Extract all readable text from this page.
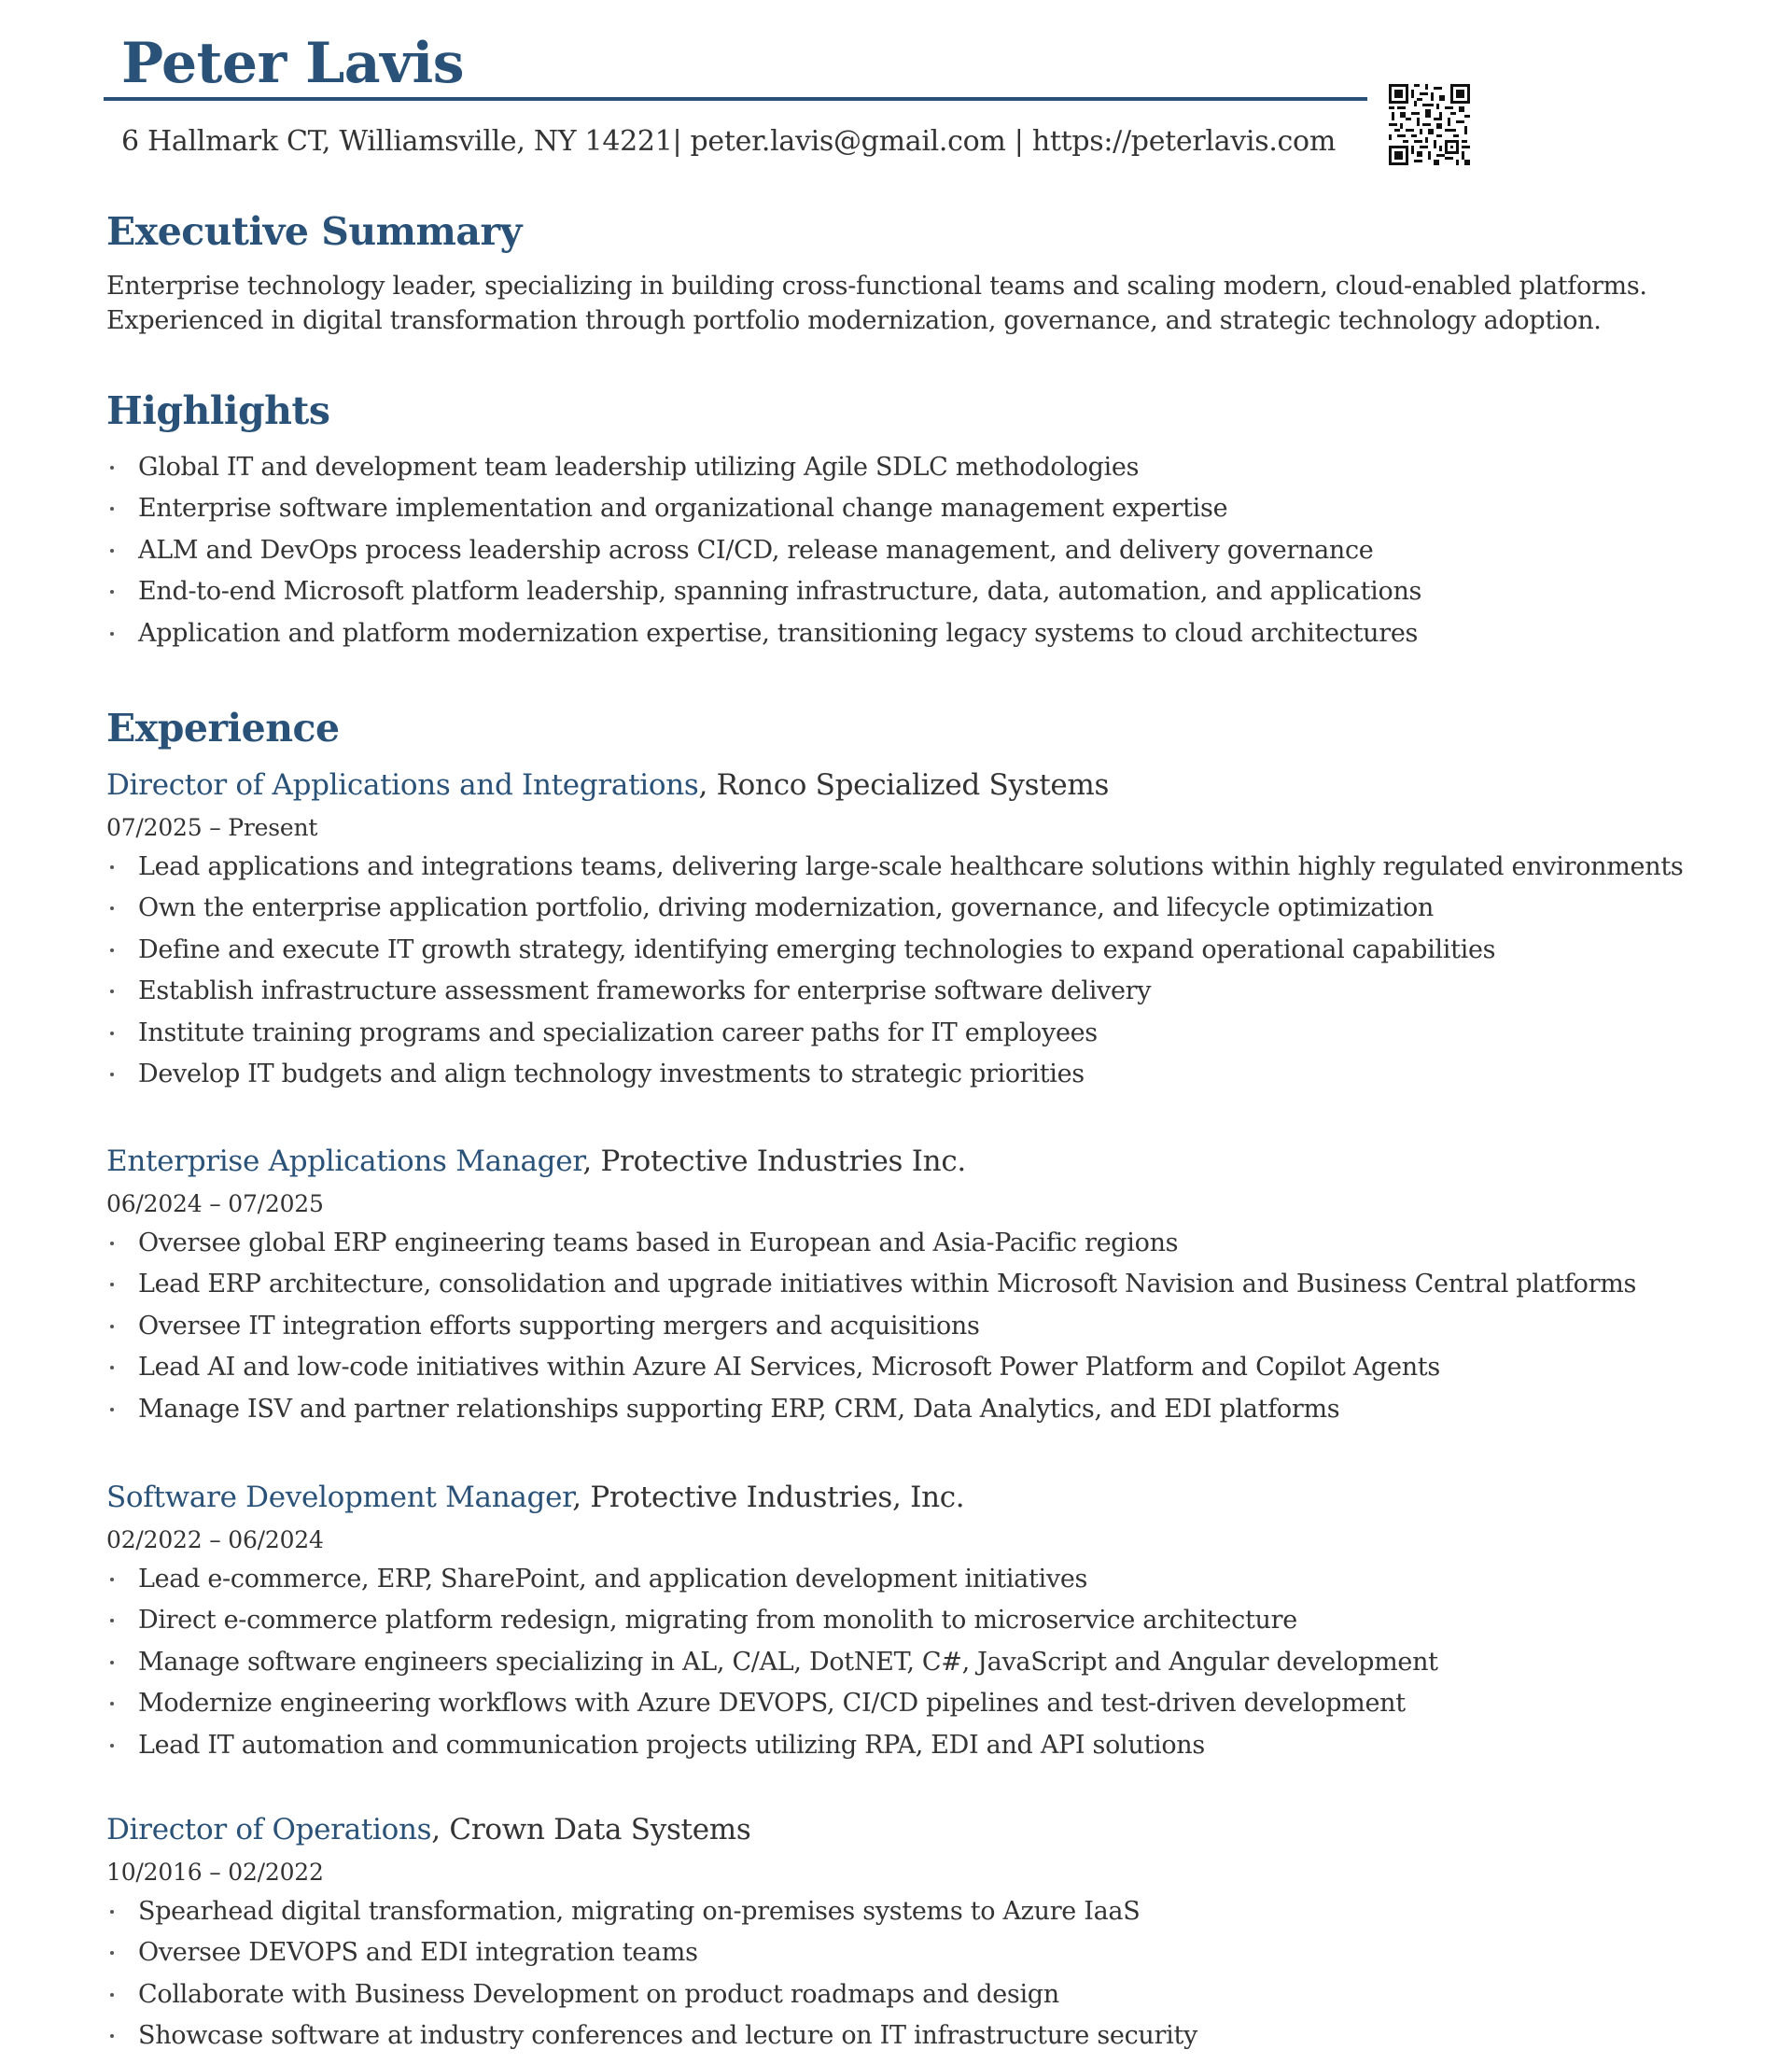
Peter Lavis
6 Hallmark CT, Williamsville, NY 14221| peter.lavis@gmail.com | https://peterlavis.com
Executive Summary

Enterprise technology leader, specializing in building cross-functional teams and scaling modern, cloud-enabled platforms.
Experienced in digital transformation through portfolio modernization, governance, and strategic technology adoption.

Highlights
Global IT and development team leadership utilizing Agile SDLC methodologies
Enterprise software implementation and organizational change management expertise
ALM and DevOps process leadership across CI/CD, release management, and delivery governance
End-to-end Microsoft platform leadership, spanning infrastructure, data, automation, and applications
Application and platform modernization expertise, transitioning legacy systems to cloud architectures
Experience
Director of Applications and Integrations, Ronco Specialized Systems
07/2025 – Present
Lead applications and integrations teams, delivering large-scale healthcare solutions within highly regulated environments
Own the enterprise application portfolio, driving modernization, governance, and lifecycle optimization
Define and execute IT growth strategy, identifying emerging technologies to expand operational capabilities
Establish infrastructure assessment frameworks for enterprise software delivery
Institute training programs and specialization career paths for IT employees
Develop IT budgets and align technology investments to strategic priorities
Enterprise Applications Manager, Protective Industries Inc.
06/2024 – 07/2025
Oversee global ERP engineering teams based in European and Asia-Pacific regions
Lead ERP architecture, consolidation and upgrade initiatives within Microsoft Navision and Business Central platforms
Oversee IT integration efforts supporting mergers and acquisitions
Lead AI and low-code initiatives within Azure AI Services, Microsoft Power Platform and Copilot Agents
Manage ISV and partner relationships supporting ERP, CRM, Data Analytics, and EDI platforms
Software Development Manager, Protective Industries, Inc.
02/2022 – 06/2024
Lead e-commerce, ERP, SharePoint, and application development initiatives
Direct e-commerce platform redesign, migrating from monolith to microservice architecture
Manage software engineers specializing in AL, C/AL, DotNET, C#, JavaScript and Angular development
Modernize engineering workflows with Azure DEVOPS, CI/CD pipelines and test-driven development
Lead IT automation and communication projects utilizing RPA, EDI and API solutions
Director of Operations, Crown Data Systems
10/2016 – 02/2022
Spearhead digital transformation, migrating on-premises systems to Azure IaaS
Oversee DEVOPS and EDI integration teams
Collaborate with Business Development on product roadmaps and design
Showcase software at industry conferences and lecture on IT infrastructure security
